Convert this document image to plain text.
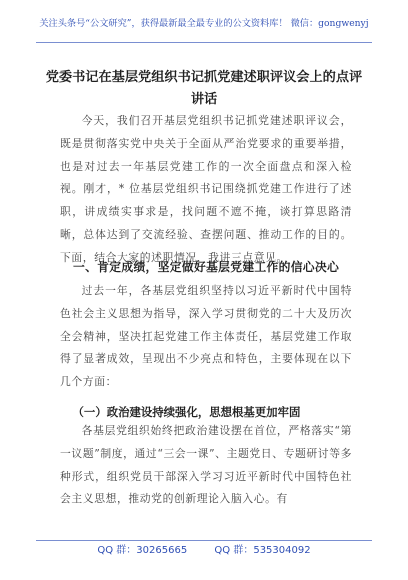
关注头条号“公文研究”，获得最新最全最专业的公文资料库！ 微信：gongwenyj
党委书记在基层党组织书记抓党建述职评议会上的点评讲话

今天，我们召开基层党组织书记抓党建述职评议会，既是贯彻落实党中央关于全面从严治党要求的重要举措，也是对过去一年基层党建工作的一次全面盘点和深入检视。刚才，* 位基层党组织书记围绕抓党建工作进行了述职，讲成绩实事求是，找问题不遮不掩，谈打算思路清晰，总体达到了交流经验、查摆问题、推动工作的目的。下面，结合大家的述职情况，我讲三点意见。

一、肯定成绩，坚定做好基层党建工作的信心决心

过去一年，各基层党组织坚持以习近平新时代中国特色社会主义思想为指导，深入学习贯彻党的二十大及历次全会精神，坚决扛起党建工作主体责任，基层党建工作取得了显著成效，呈现出不少亮点和特色，主要体现在以下几个方面：

（一）政治建设持续强化，思想根基更加牢固

各基层党组织始终把政治建设摆在首位，严格落实“第一议题”制度，通过“三会一课”、主题党日、专题研讨等多种形式，组织党员干部深入学习习近平新时代中国特色社会主义思想，推动党的创新理论入脑入心。有

QQ 群：30265665	QQ 群：535304092
